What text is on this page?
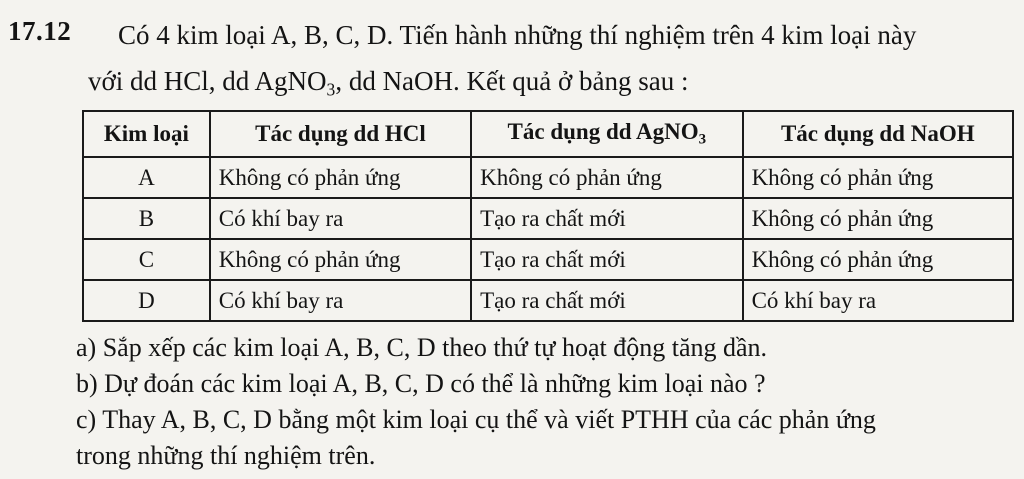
17.12	Có 4 kim loại A, B, C, D. Tiến hành những thí nghiệm trên 4 kim loại này
với dd HCl, dd AgNO$_3$, dd NaOH. Kết quả ở bảng sau :
Kim loại	Tác dụng dd HCl	Tác dụng dd AgNO$_3$	Tác dụng dd NaOH
A	Không có phản ứng	Không có phản ứng	Không có phản ứng
B	Có khí bay ra	Tạo ra chất mới	Không có phản ứng
C	Không có phản ứng	Tạo ra chất mới	Không có phản ứng
D	Có khí bay ra	Tạo ra chất mới	Có khí bay ra
a) Sắp xếp các kim loại A, B, C, D theo thứ tự hoạt động tăng dần.
b) Dự đoán các kim loại A, B, C, D có thể là những kim loại nào ?
c) Thay A, B, C, D bằng một kim loại cụ thể và viết PTHH của các phản ứng
trong những thí nghiệm trên.
